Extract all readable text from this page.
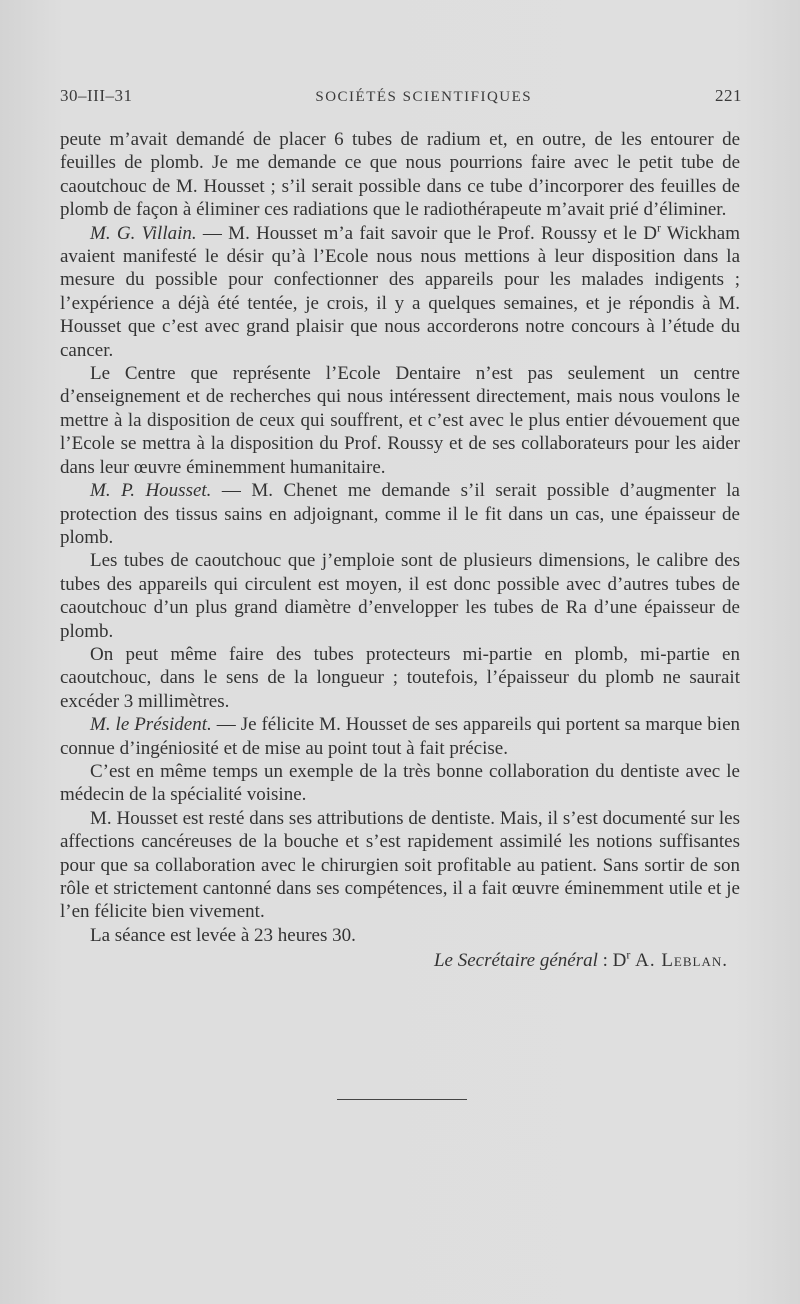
30–III–31	SOCIÉTÉS SCIENTIFIQUES	221

peute m’avait demandé de placer 6 tubes de radium et, en outre, de les entourer de feuilles de plomb. Je me demande ce que nous pourrions faire avec le petit tube de caoutchouc de M. Housset ; s’il serait possible dans ce tube d’incorporer des feuilles de plomb de façon à éliminer ces radiations que le radiothérapeute m’avait prié d’éliminer.

M. G. Villain. — M. Housset m’a fait savoir que le Prof. Roussy et le $D^r$ Wickham avaient manifesté le désir qu’à l’Ecole nous nous mettions à leur disposition dans la mesure du possible pour confectionner des appareils pour les malades indigents ; l’expérience a déjà été tentée, je crois, il y a quelques semaines, et je répondis à M. Housset que c’est avec grand plaisir que nous accorderons notre concours à l’étude du cancer.

Le Centre que représente l’Ecole Dentaire n’est pas seulement un centre d’enseignement et de recherches qui nous intéressent directement, mais nous voulons le mettre à la disposition de ceux qui souffrent, et c’est avec le plus entier dévouement que l’Ecole se mettra à la disposition du Prof. Roussy et de ses collaborateurs pour les aider dans leur œuvre éminemment humanitaire.

M. P. Housset. — M. Chenet me demande s’il serait possible d’augmenter la protection des tissus sains en adjoignant, comme il le fit dans un cas, une épaisseur de plomb.

Les tubes de caoutchouc que j’emploie sont de plusieurs dimensions, le calibre des tubes des appareils qui circulent est moyen, il est donc possible avec d’autres tubes de caoutchouc d’un plus grand diamètre d’envelopper les tubes de Ra d’une épaisseur de plomb.

On peut même faire des tubes protecteurs mi-partie en plomb, mi-partie en caoutchouc, dans le sens de la longueur ; toutefois, l’épaisseur du plomb ne saurait excéder 3 millimètres.

M. le Président. — Je félicite M. Housset de ses appareils qui portent sa marque bien connue d’ingéniosité et de mise au point tout à fait précise.

C’est en même temps un exemple de la très bonne collaboration du dentiste avec le médecin de la spécialité voisine.

M. Housset est resté dans ses attributions de dentiste. Mais, il s’est documenté sur les affections cancéreuses de la bouche et s’est rapidement assimilé les notions suffisantes pour que sa collaboration avec le chirurgien soit profitable au patient. Sans sortir de son rôle et strictement cantonné dans ses compétences, il a fait œuvre éminemment utile et je l’en félicite bien vivement.

La séance est levée à 23 heures 30.

Le Secrétaire général : $D^r$ A. Leblan.
